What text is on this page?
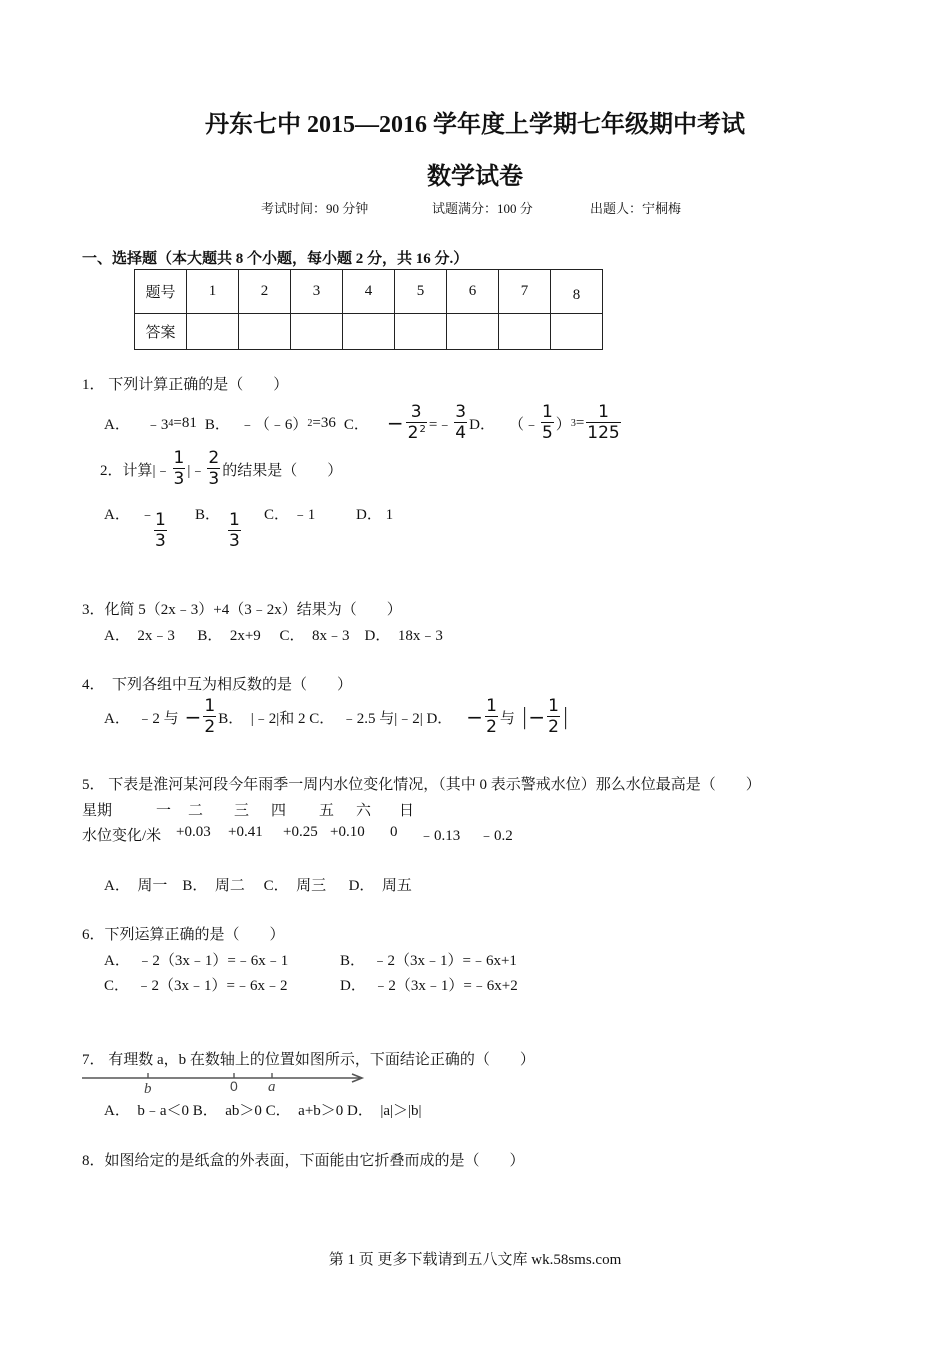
丹东七中 2015—2016 学年度上学期七年级期中考试
数学试卷
考试时间：90 分钟	试题满分：100 分	出题人：宁桐梅
一、选择题（本大题共 8 个小题，每小题 2 分，共 16 分.）
题号	1	2	3	4	5	6	7	8
答案								
1． 下列计算正确的是（　　）
A． ﹣3 4 =81 B． ﹣（﹣6） 2 =36 C． − $\frac{3}{2^2}$ =﹣ $\frac{3}{4}$ D． （﹣ $\frac{1}{5}$ ） $3 = \frac{1}{125}$
2．计算|﹣ $\frac{1}{3}$ |﹣ $\frac{2}{3}$ 的结果是（　　）
A． ﹣
$\frac{1}{3}$ B． $\frac{1}{3}$ C． ﹣1	D． 1
3．化简 5（2x﹣3）+4（3﹣2x）结果为（　　）
A．  2x﹣3      B．  2x+9     C．  8x﹣3    D．  18x﹣3
4．  下列各组中互为相反数的是（　　）
A．  ﹣2 与 − $\frac{1}{2}$ B．  |﹣2|和 2 C．  ﹣2.5 与|﹣2| D． − $\frac{1}{2}$ 与 | − $\frac{1}{2}$ |
5． 下表是淮河某河段今年雨季一周内水位变化情况，（其中 0 表示警戒水位）那么水位最高是（　　）
星期	一 二 三 四 五 六 日
水位变化/米 +0.03 +0.41 +0.25 +0.10 0 ﹣0.13 ﹣0.2
A．  周一    B．  周二     C．  周三      D．  周五
6．下列运算正确的是（　　）
A．  ﹣2（3x﹣1）=﹣6x﹣1	B．  ﹣2（3x﹣1）=﹣6x+1
C．  ﹣2（3x﹣1）=﹣6x﹣2	D．  ﹣2（3x﹣1）=﹣6x+2
7． 有理数 a，b 在数轴上的位置如图所示，下面结论正确的（　　）
b	0 a
A．  b﹣a＜0 B．  ab＞0 C．  a+b＞0 D．  |a|＞|b|
8．如图给定的是纸盒的外表面，下面能由它折叠而成的是（　　）
第 1 页 更多下载请到五八文库 wk.58sms.com
